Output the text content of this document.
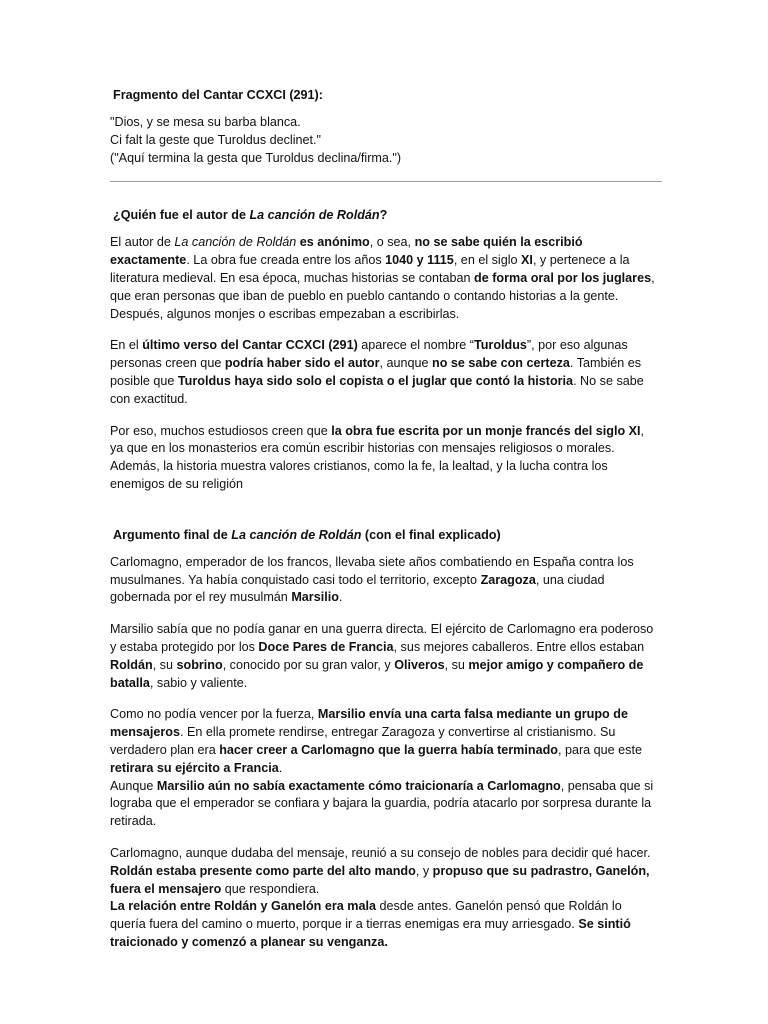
Fragmento del Cantar CCXCI (291):

"Dios, y se mesa su barba blanca.
Ci falt la geste que Turoldus declinet."
("Aquí termina la gesta que Turoldus declina/firma.")

¿Quién fue el autor de La canción de Roldán?

El autor de La canción de Roldán es anónimo, o sea, no se sabe quién la escribió exactamente. La obra fue creada entre los años 1040 y 1115, en el siglo XI, y pertenece a la literatura medieval. En esa época, muchas historias se contaban de forma oral por los juglares, que eran personas que iban de pueblo en pueblo cantando o contando historias a la gente. Después, algunos monjes o escribas empezaban a escribirlas.

En el último verso del Cantar CCXCI (291) aparece el nombre “Turoldus”, por eso algunas personas creen que podría haber sido el autor, aunque no se sabe con certeza. También es posible que Turoldus haya sido solo el copista o el juglar que contó la historia. No se sabe con exactitud.

Por eso, muchos estudiosos creen que la obra fue escrita por un monje francés del siglo XI, ya que en los monasterios era común escribir historias con mensajes religiosos o morales. Además, la historia muestra valores cristianos, como la fe, la lealtad, y la lucha contra los enemigos de su religión

Argumento final de La canción de Roldán (con el final explicado)

Carlomagno, emperador de los francos, llevaba siete años combatiendo en España contra los musulmanes. Ya había conquistado casi todo el territorio, excepto Zaragoza, una ciudad gobernada por el rey musulmán Marsilio.

Marsilio sabía que no podía ganar en una guerra directa. El ejército de Carlomagno era poderoso y estaba protegido por los Doce Pares de Francia, sus mejores caballeros. Entre ellos estaban Roldán, su sobrino, conocido por su gran valor, y Oliveros, su mejor amigo y compañero de batalla, sabio y valiente.

Como no podía vencer por la fuerza, Marsilio envía una carta falsa mediante un grupo de mensajeros. En ella promete rendirse, entregar Zaragoza y convertirse al cristianismo. Su verdadero plan era hacer creer a Carlomagno que la guerra había terminado, para que este retirara su ejército a Francia.
Aunque Marsilio aún no sabía exactamente cómo traicionaría a Carlomagno, pensaba que si lograba que el emperador se confiara y bajara la guardia, podría atacarlo por sorpresa durante la retirada.

Carlomagno, aunque dudaba del mensaje, reunió a su consejo de nobles para decidir qué hacer. Roldán estaba presente como parte del alto mando, y propuso que su padrastro, Ganelón, fuera el mensajero que respondiera.
La relación entre Roldán y Ganelón era mala desde antes. Ganelón pensó que Roldán lo quería fuera del camino o muerto, porque ir a tierras enemigas era muy arriesgado. Se sintió traicionado y comenzó a planear su venganza.
